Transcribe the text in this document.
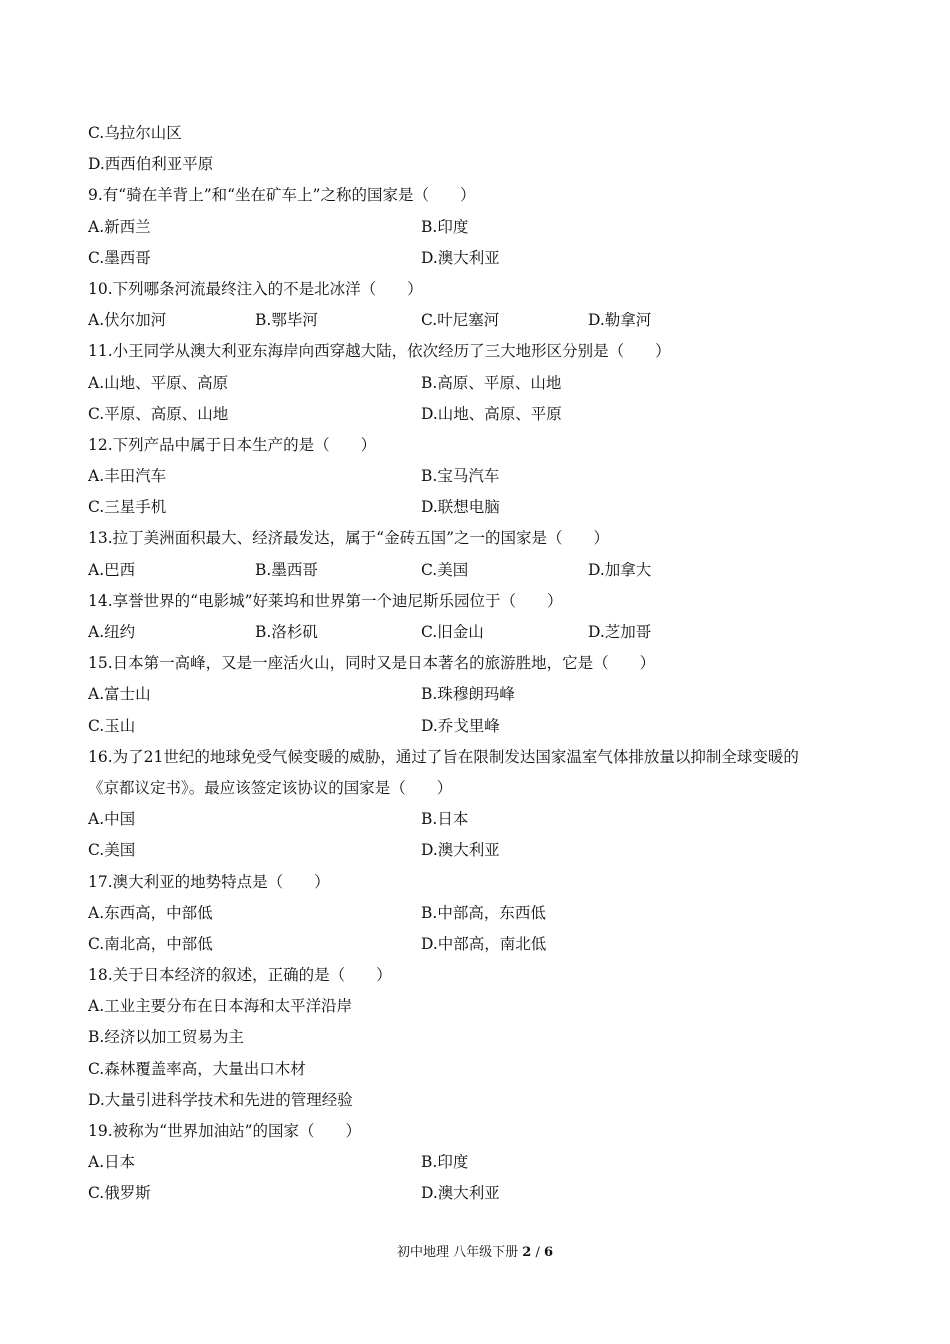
C.乌拉尔山区
D.西西伯利亚平原
9.有“骑在羊背上”和“坐在矿车上”之称的国家是（　　）
A.新西兰	B.印度
C.墨西哥	D.澳大利亚
10.下列哪条河流最终注入的不是北冰洋（　　）
A.伏尔加河	B.鄂毕河	C.叶尼塞河	D.勒拿河
11.小王同学从澳大利亚东海岸向西穿越大陆，依次经历了三大地形区分别是（　　）
A.山地、平原、高原	B.高原、平原、山地
C.平原、高原、山地	D.山地、高原、平原
12.下列产品中属于日本生产的是（　　）
A.丰田汽车	B.宝马汽车
C.三星手机	D.联想电脑
13.拉丁美洲面积最大、经济最发达，属于“金砖五国”之一的国家是（　　）
A.巴西	B.墨西哥	C.美国	D.加拿大
14.享誉世界的“电影城”好莱坞和世界第一个迪尼斯乐园位于（　　）
A.纽约	B.洛杉矶	C.旧金山	D.芝加哥
15.日本第一高峰，又是一座活火山，同时又是日本著名的旅游胜地，它是（　　）
A.富士山	B.珠穆朗玛峰
C.玉山	D.乔戈里峰
16.为了21世纪的地球免受气候变暖的威胁，通过了旨在限制发达国家温室气体排放量以抑制全球变暖的
《京都议定书》。最应该签定该协议的国家是（　　）
A.中国	B.日本
C.美国	D.澳大利亚
17.澳大利亚的地势特点是（　　）
A.东西高，中部低	B.中部高，东西低
C.南北高，中部低	D.中部高，南北低
18.关于日本经济的叙述，正确的是（　　）
A.工业主要分布在日本海和太平洋沿岸
B.经济以加工贸易为主
C.森林覆盖率高，大量出口木材
D.大量引进科学技术和先进的管理经验
19.被称为“世界加油站”的国家（　　）
A.日本	B.印度
C.俄罗斯	D.澳大利亚
初中地理 八年级下册 2 / 6
